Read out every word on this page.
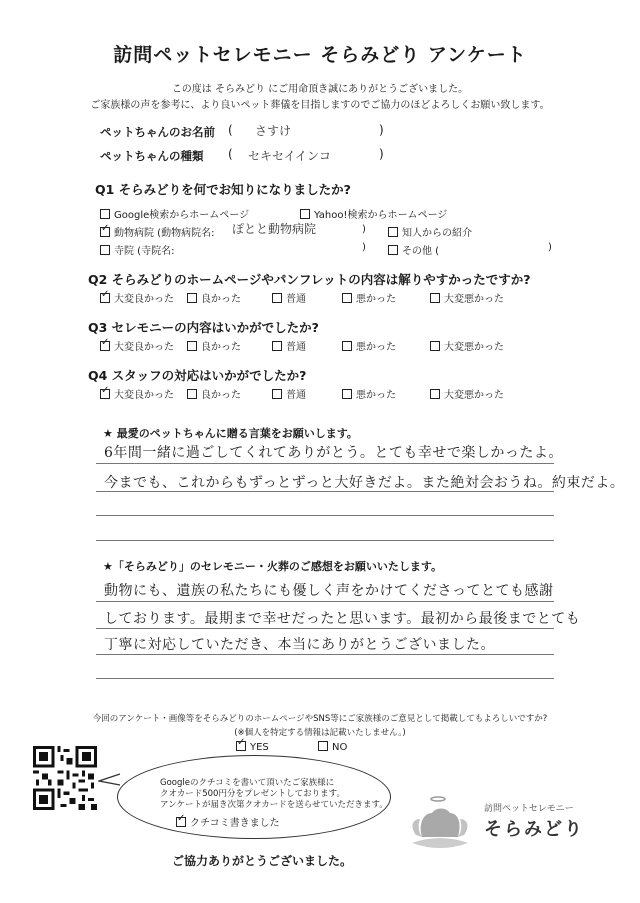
訪問ペットセレモニー そらみどり アンケート
この度は そらみどり にご用命頂き誠にありがとうございました。
ご家族様の声を参考に、より良いペット葬儀を目指しますのでご協力のほどよろしくお願い致します。
ペットちゃんのお名前 ( さすけ	)
ペットちゃんの種類 ( セキセイインコ	)
Q1 そらみどりを何でお知りになりましたか?
Google検索からホームページ	Yahoo!検索からホームページ
✓動物病院 (動物病院名: ぽとと動物病院	)	知人からの紹介
寺院 (寺院名:	)	その他 (	)
Q2 そらみどりのホームページやパンフレットの内容は解りやすかったですか?
✓大変良かった	良かった	普通	悪かった	大変悪かった
Q3 セレモニーの内容はいかがでしたか?
✓大変良かった	良かった	普通	悪かった	大変悪かった
Q4 スタッフの対応はいかがでしたか?
✓大変良かった	良かった	普通	悪かった	大変悪かった
★ 最愛のペットちゃんに贈る言葉をお願いします。
6年間一緒に過ごしてくれてありがとう。とても幸せで楽しかったよ。
今までも、これからもずっとずっと大好きだよ。また絶対会おうね。約束だよ。
★「そらみどり」のセレモニー・火葬のご感想をお願いいたします。
動物にも、遺族の私たちにも優しく声をかけてくださってとても感謝
しております。最期まで幸せだったと思います。最初から最後までとても
丁寧に対応していただき、本当にありがとうございました。
今回のアンケート・画像等をそらみどりのホームページやSNS等にご家族様のご意見として掲載してもよろしいですか?
(※個人を特定する情報は記載いたしません。)
✓YES	NO
Googleのクチコミを書いて頂いたご家族様に
クオカード500円分をプレゼントしております。
アンケートが届き次第クオカードを送らせていただきます。
✓クチコミ書きました
訪問ペットセレモニー
そらみどり
ご協力ありがとうございました。
